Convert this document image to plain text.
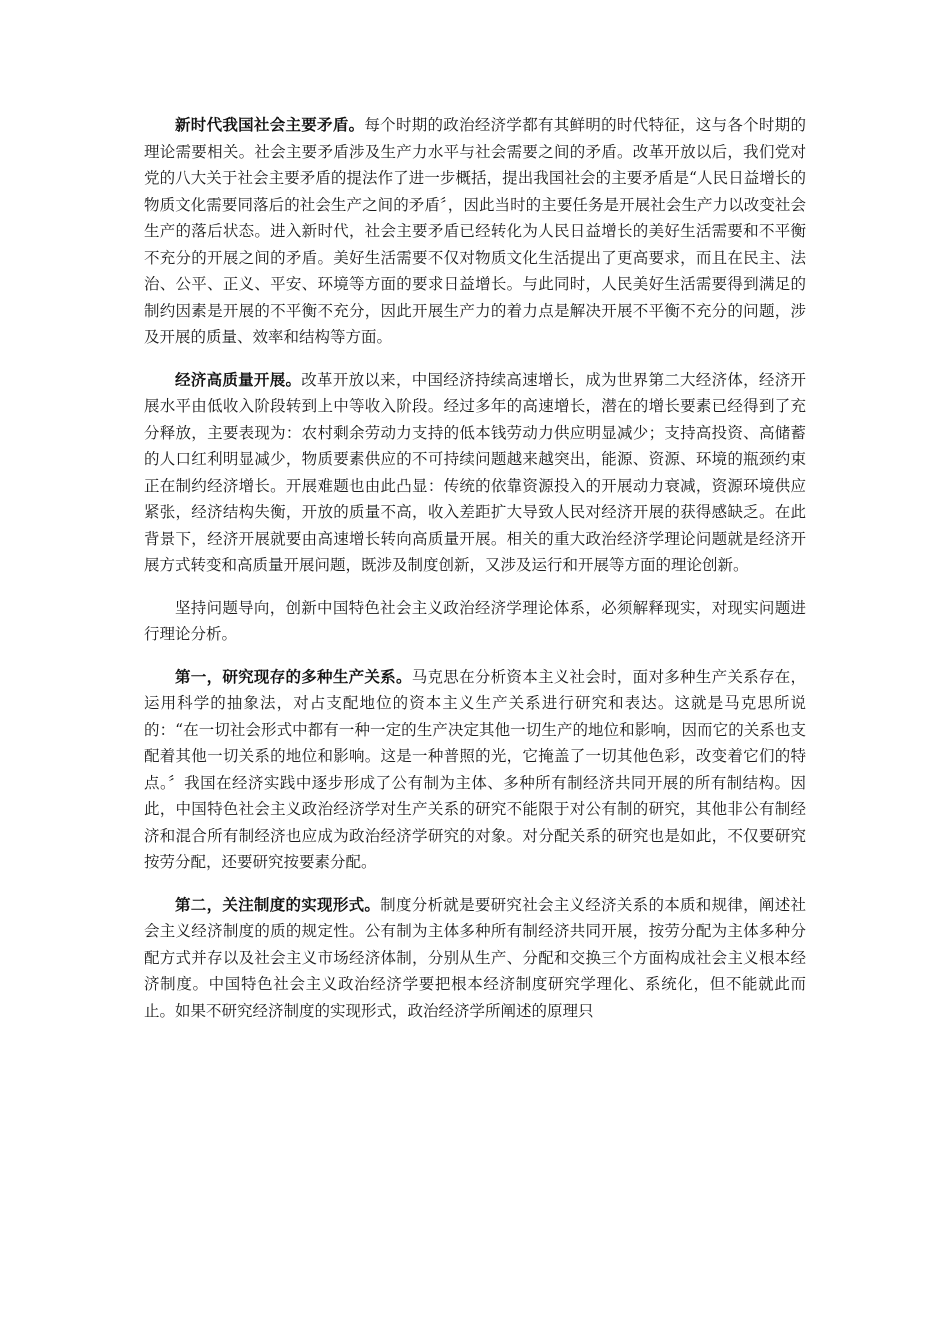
新时代我国社会主要矛盾。每个时期的政治经济学都有其鲜明的时代特征，这与各个时期的理论需要相关。社会主要矛盾涉及生产力水平与社会需要之间的矛盾。改革开放以后，我们党对党的八大关于社会主要矛盾的提法作了进一步概括，提出我国社会的主要矛盾是“人民日益增长的物质文化需要同落后的社会生产之间的矛盾〞，因此当时的主要任务是开展社会生产力以改变社会生产的落后状态。进入新时代，社会主要矛盾已经转化为人民日益增长的美好生活需要和不平衡不充分的开展之间的矛盾。美好生活需要不仅对物质文化生活提出了更高要求，而且在民主、法治、公平、正义、平安、环境等方面的要求日益增长。与此同时，人民美好生活需要得到满足的制约因素是开展的不平衡不充分，因此开展生产力的着力点是解决开展不平衡不充分的问题，涉及开展的质量、效率和结构等方面。

经济高质量开展。改革开放以来，中国经济持续高速增长，成为世界第二大经济体，经济开展水平由低收入阶段转到上中等收入阶段。经过多年的高速增长，潜在的增长要素已经得到了充分释放，主要表现为：农村剩余劳动力支持的低本钱劳动力供应明显减少；支持高投资、高储蓄的人口红利明显减少，物质要素供应的不可持续问题越来越突出，能源、资源、环境的瓶颈约束正在制约经济增长。开展难题也由此凸显：传统的依靠资源投入的开展动力衰减，资源环境供应紧张，经济结构失衡，开放的质量不高，收入差距扩大导致人民对经济开展的获得感缺乏。在此背景下，经济开展就要由高速增长转向高质量开展。相关的重大政治经济学理论问题就是经济开展方式转变和高质量开展问题，既涉及制度创新，又涉及运行和开展等方面的理论创新。

坚持问题导向，创新中国特色社会主义政治经济学理论体系，必须解释现实，对现实问题进行理论分析。

第一，研究现存的多种生产关系。马克思在分析资本主义社会时，面对多种生产关系存在，运用科学的抽象法，对占支配地位的资本主义生产关系进行研究和表达。这就是马克思所说的：“在一切社会形式中都有一种一定的生产决定其他一切生产的地位和影响，因而它的关系也支配着其他一切关系的地位和影响。这是一种普照的光，它掩盖了一切其他色彩，改变着它们的特点。〞我国在经济实践中逐步形成了公有制为主体、多种所有制经济共同开展的所有制结构。因此，中国特色社会主义政治经济学对生产关系的研究不能限于对公有制的研究，其他非公有制经济和混合所有制经济也应成为政治经济学研究的对象。对分配关系的研究也是如此，不仅要研究按劳分配，还要研究按要素分配。

第二，关注制度的实现形式。制度分析就是要研究社会主义经济关系的本质和规律，阐述社会主义经济制度的质的规定性。公有制为主体多种所有制经济共同开展，按劳分配为主体多种分配方式并存以及社会主义市场经济体制，分别从生产、分配和交换三个方面构成社会主义根本经济制度。中国特色社会主义政治经济学要把根本经济制度研究学理化、系统化，但不能就此而止。如果不研究经济制度的实现形式，政治经济学所阐述的原理只
